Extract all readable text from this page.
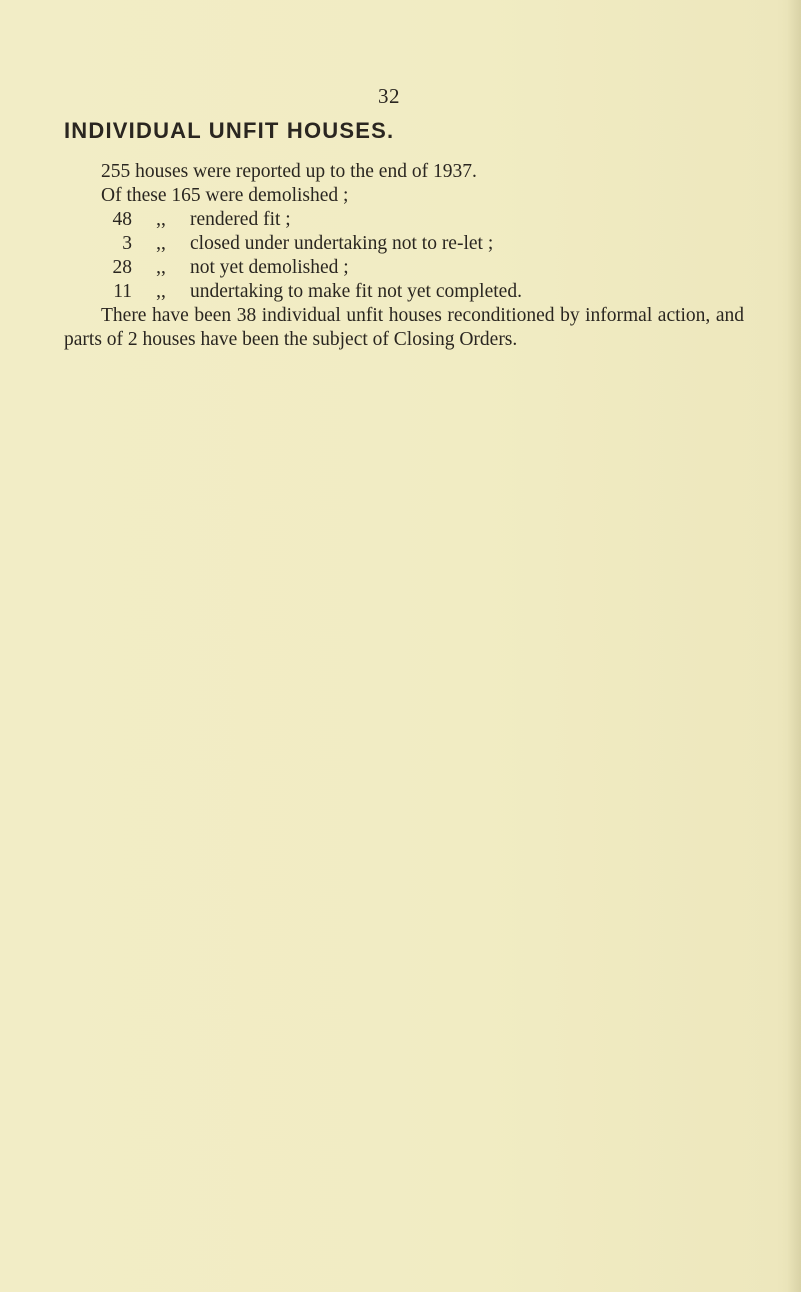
32
INDIVIDUAL UNFIT HOUSES.
255 houses were reported up to the end of 1937.
Of these 165 were demolished ;
48	,,	rendered fit ;
3	,,	closed under undertaking not to re-let ;
28	,,	not yet demolished ;
11	,,	undertaking to make fit not yet completed.

There have been 38 individual unfit houses reconditioned by informal action, and parts of 2 houses have been the subject of Closing Orders.
